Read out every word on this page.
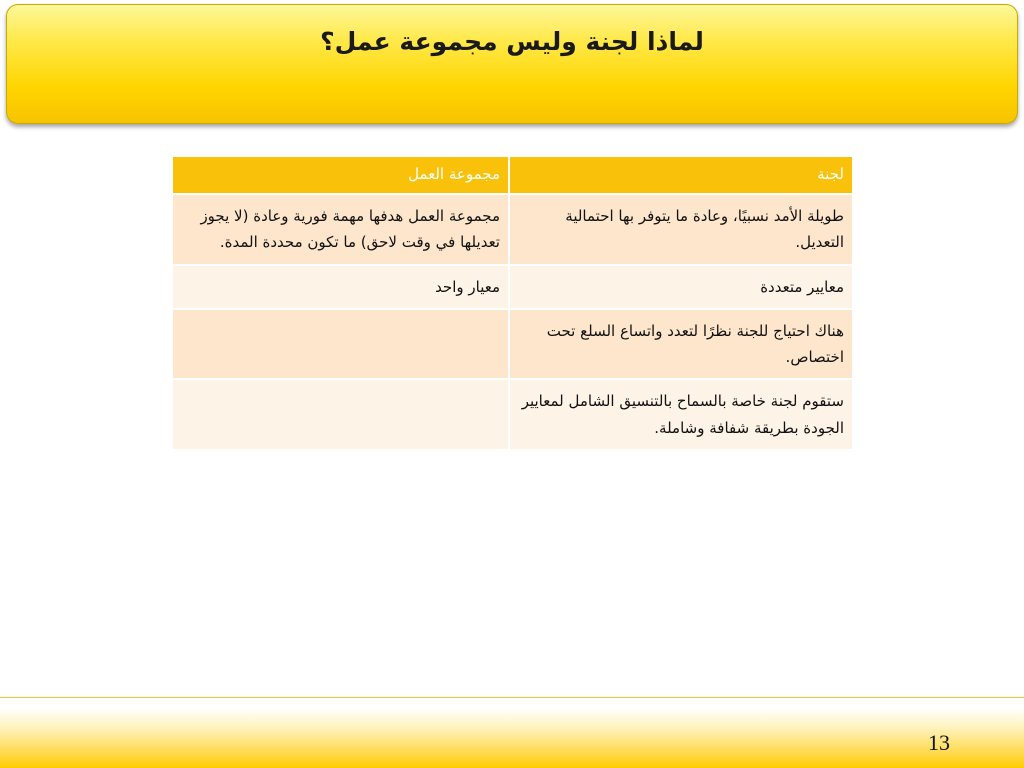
لماذا لجنة وليس مجموعة عمل؟
لجنة	مجموعة العمل
طويلة الأمد نسبيًا، وعادة ما يتوفر بها احتمالية التعديل.	مجموعة العمل هدفها مهمة فورية وعادة (لا يجوز تعديلها في وقت لاحق) ما تكون محددة المدة.
معايير متعددة	معيار واحد
هناك احتياج للجنة نظرًا لتعدد واتساع السلع تحت اختصاص.	
ستقوم لجنة خاصة بالسماح بالتنسيق الشامل لمعايير الجودة بطريقة شفافة وشاملة.	
13
